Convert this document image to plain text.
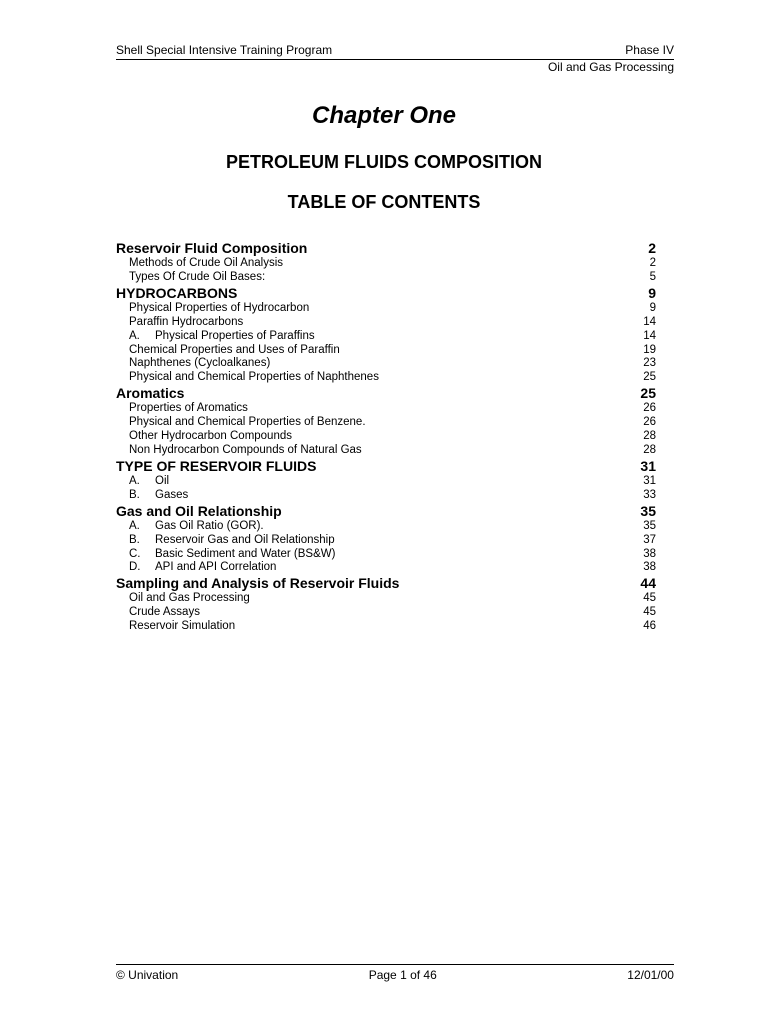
Shell Special Intensive Training Program	Phase IV
Oil and Gas Processing
Chapter One
PETROLEUM FLUIDS COMPOSITION
TABLE OF CONTENTS
Reservoir Fluid Composition	2
Methods of Crude Oil Analysis	2
Types Of Crude Oil Bases:	5
HYDROCARBONS	9
Physical Properties of Hydrocarbon	9
Paraffin Hydrocarbons	14
A.	Physical Properties of Paraffins	14
Chemical Properties and Uses of Paraffin	19
Naphthenes (Cycloalkanes)	23
Physical and Chemical Properties of Naphthenes	25
Aromatics	25
Properties of Aromatics	26
Physical and Chemical Properties of Benzene.	26
Other Hydrocarbon Compounds	28
Non Hydrocarbon Compounds of Natural Gas	28
TYPE OF RESERVOIR FLUIDS	31
A.	Oil	31
B.	Gases	33
Gas and Oil Relationship	35
A.	Gas Oil Ratio (GOR).	35
B.	Reservoir Gas and Oil Relationship	37
C.	Basic Sediment and Water (BS&W)	38
D.	API and API Correlation	38
Sampling and Analysis of Reservoir Fluids	44
Oil and Gas Processing	45
Crude Assays	45
Reservoir Simulation	46
© Univation	Page 1 of 46	12/01/00
